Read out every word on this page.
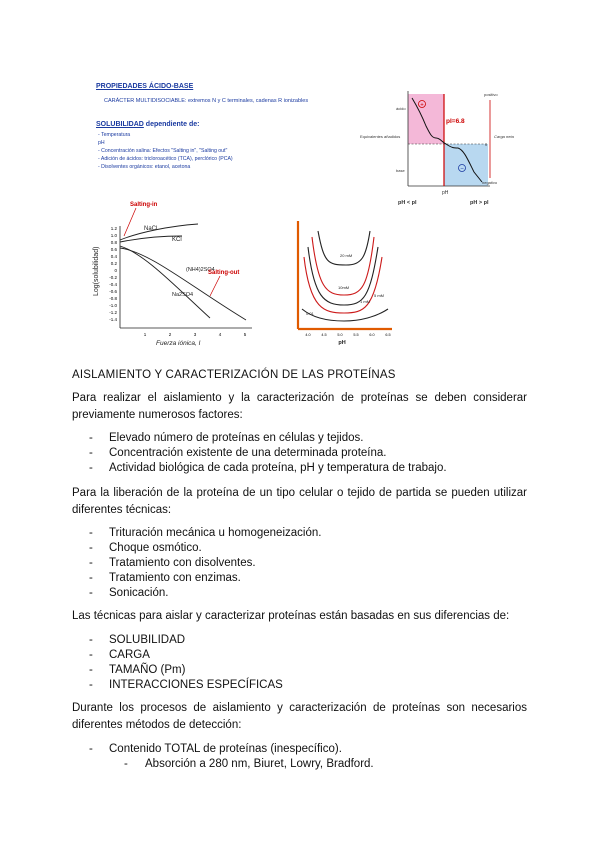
PROPIEDADES ÁCIDO-BASE
CARÁCTER MULTIDISOCIABLE: extremos N y C terminales, cadenas R ionizables
SOLUBILIDAD dependiente de:
- Temperatura
pH
- Concentración salina: Efectos "Salting in", "Salting out"
- Adición de ácidos: tricloroacético (TCA), perclórico (PCA)
- Disolventes orgánicos: etanol, acetona
+
−
pI=6.8
ácido
Equivalentes añadidos
base
positivo
0
negativo
Carga neta
pH
pH < pI	pH > pI
NaCl
KCl
(NH4)2SO4
Na2SO4
Salting-in
Salting-out
1.2
1.0
0.8
0.6
0.4
0.2
0
-0.2
-0.4
-0.6
-0.8
-1.0
-1.2
-1.4
1	2	3	4	5
Log(solubilidad)
Fuerza iónica, I
20 mM
10mM
5 mM
1 mM
0.01
4.0	4.5	5.0	5.5	6.0	6.5
pH
AISLAMIENTO Y CARACTERIZACIÓN DE LAS PROTEÍNAS

Para realizar el aislamiento y la caracterización de proteínas se deben considerar previamente numerosos factores:

- Elevado número de proteínas en células y tejidos.
- Concentración existente de una determinada proteína.
- Actividad biológica de cada proteína, pH y temperatura de trabajo.

Para la liberación de la proteína de un tipo celular o tejido de partida se pueden utilizar diferentes técnicas:

- Trituración mecánica u homogeneización.
- Choque osmótico.
- Tratamiento con disolventes.
- Tratamiento con enzimas.
- Sonicación.

Las técnicas para aislar y caracterizar proteínas están basadas en sus diferencias de:

- SOLUBILIDAD
- CARGA
- TAMAÑO (Pm)
- INTERACCIONES ESPECÍFICAS

Durante los procesos de aislamiento y caracterización de proteínas son necesarios diferentes métodos de detección:

- Contenido TOTAL de proteínas (inespecífico).
- Absorción a 280 nm, Biuret, Lowry, Bradford.
